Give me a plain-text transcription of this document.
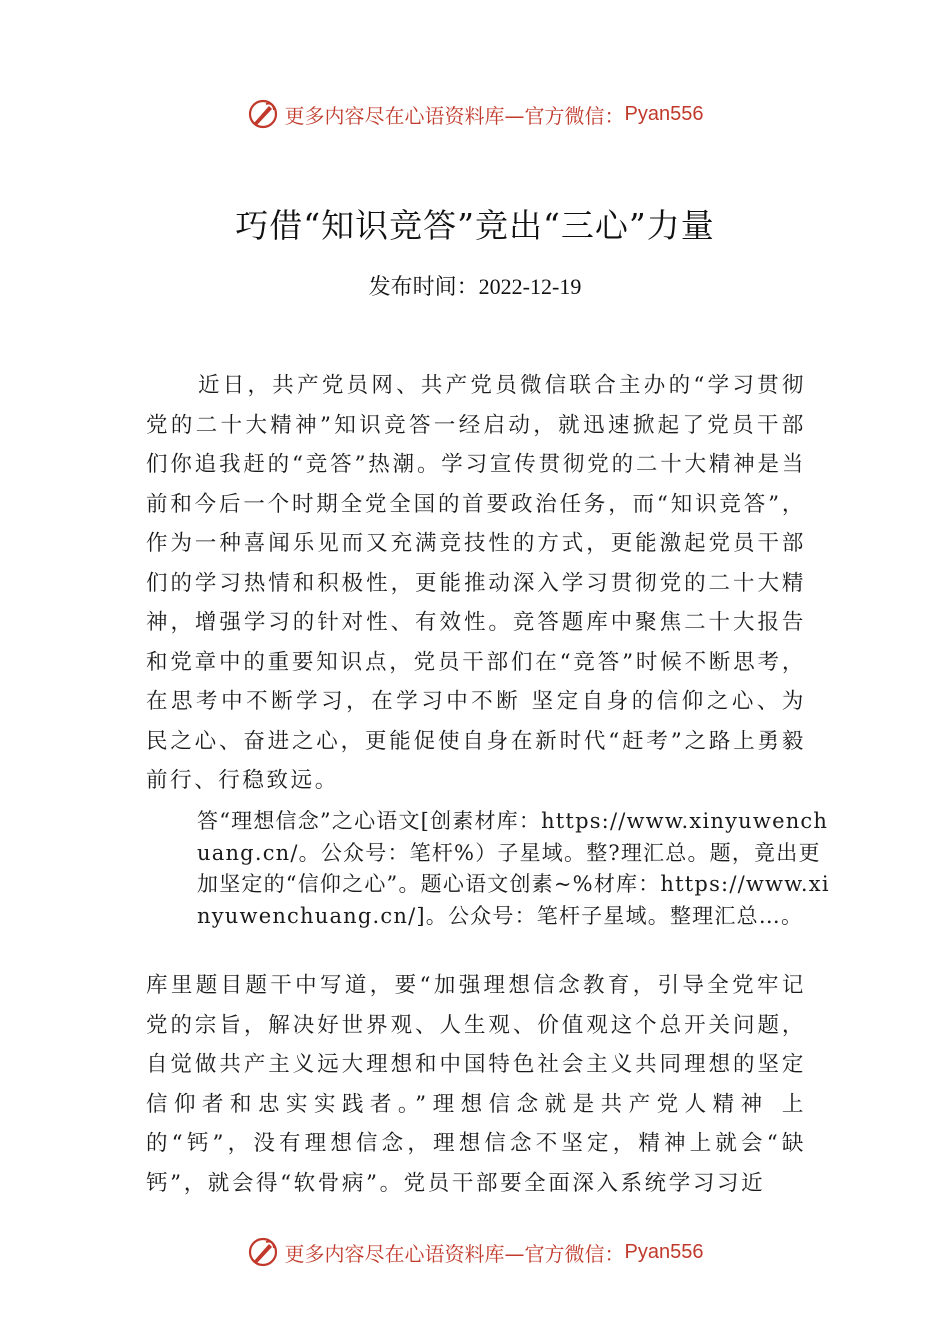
更多内容尽在心语资料库—官方微信： Pyan556
巧借“知识竞答”竞出“三心”力量
发布时间：2022-12-19

近日，共产党员网、共产党员微信联合主办的“学习贯彻党的二十大精神”知识竞答一经启动，就迅速掀起了党员干部们你追我赶的“竞答”热潮。学习宣传贯彻党的二十大精神是当前和今后一个时期全党全国的首要政治任务，而“知识竞答”，作为一种喜闻乐见而又充满竞技性的方式，更能激起党员干部们的学习热情和积极性，更能推动深入学习贯彻党的二十大精神，增强学习的针对性、有效性。竞答题库中聚焦二十大报告和党章中的重要知识点，党员干部们在“竞答”时候不断思考，在思考中不断学习，在学习中不断 坚定自身的信仰之心、为民之心、奋进之心，更能促使自身在新时代“赶考”之路上勇毅前行、行稳致远。

答“理想信念”之心语文[创素材库：https://www.xinyuwenchuang.cn/。公众号：笔杆%）子星域。整?理汇总。题，竟出更加坚定的“信仰之心”。题心语文创素~%材库：https://www.xinyuwenchuang.cn/]。公众号：笔杆子星域。整理汇总…。

库里题目题干中写道，要“加强理想信念教育，引导全党牢记党的宗旨，解决好世界观、人生观、价值观这个总开关问题，自觉做共产主义远大理想和中国特色社会主义共同理想的坚定信仰者和忠实实践者。”理想信念就是共产党人精神 上的“钙”，没有理想信念，理想信念不坚定，精神上就会“缺钙”，就会得“软骨病”。党员干部要全面深入系统学习习近

更多内容尽在心语资料库—官方微信： Pyan556
